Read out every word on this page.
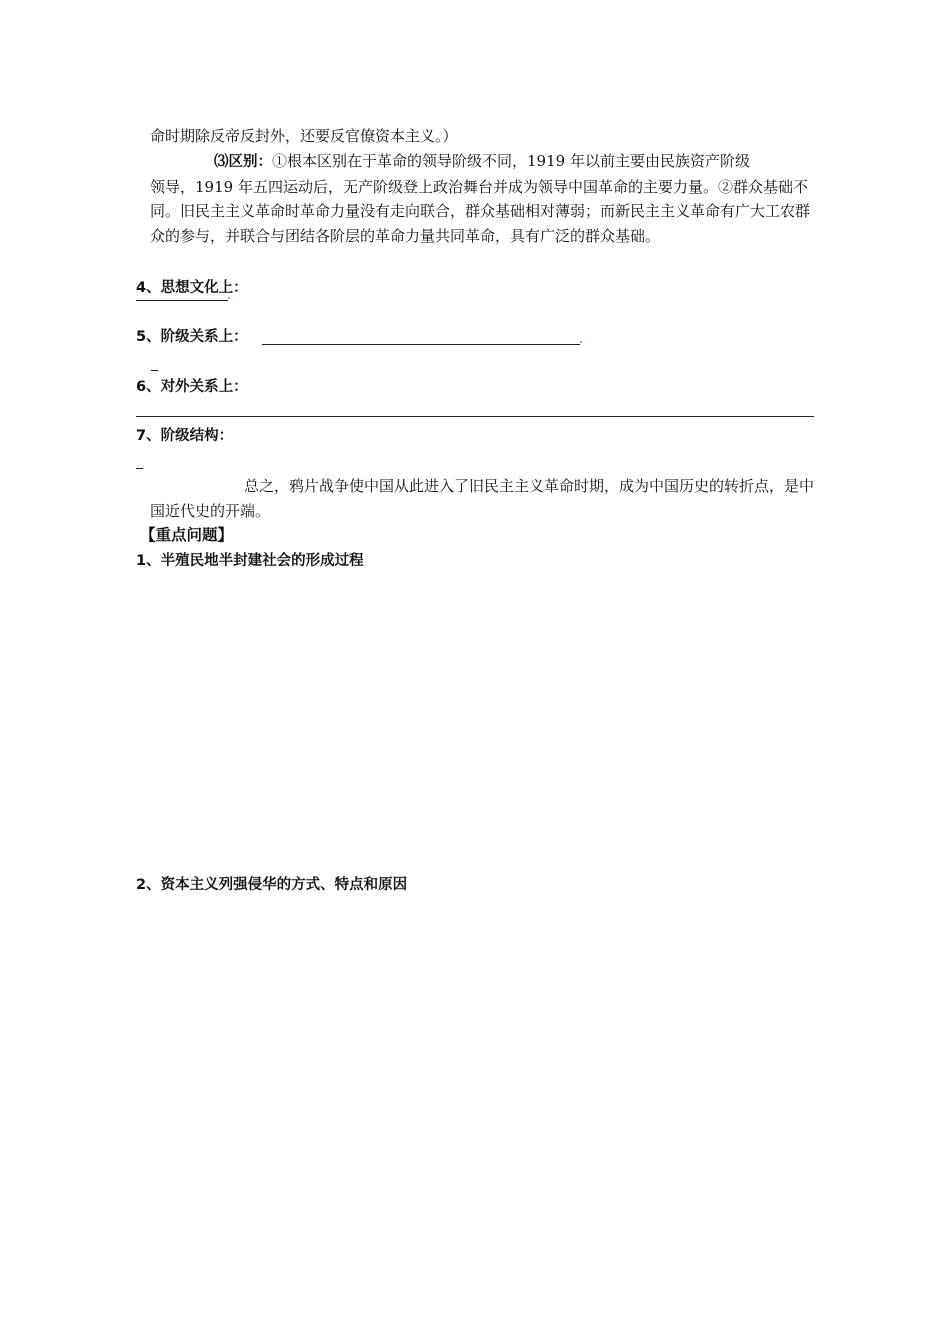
命时期除反帝反封外，还要反官僚资本主义。）
⑶区别：①根本区别在于革命的领导阶级不同，1919 年以前主要由民族资产阶级
领导，1919 年五四运动后，无产阶级登上政治舞台并成为领导中国革命的主要力量。②群众基础不同。旧民主主义革命时革命力量没有走向联合，群众基础相对薄弱；而新民主主义革命有广大工农群众的参与，并联合与团结各阶层的革命力量共同革命，具有广泛的群众基础。
4、思想文化上：
5、阶级关系上：
6、对外关系上：
7、阶级结构：
总之，鸦片战争使中国从此进入了旧民主主义革命时期，成为中国历史的转折点，是中国近代史的开端。
【重点问题】
1、半殖民地半封建社会的形成过程
2、资本主义列强侵华的方式、特点和原因
